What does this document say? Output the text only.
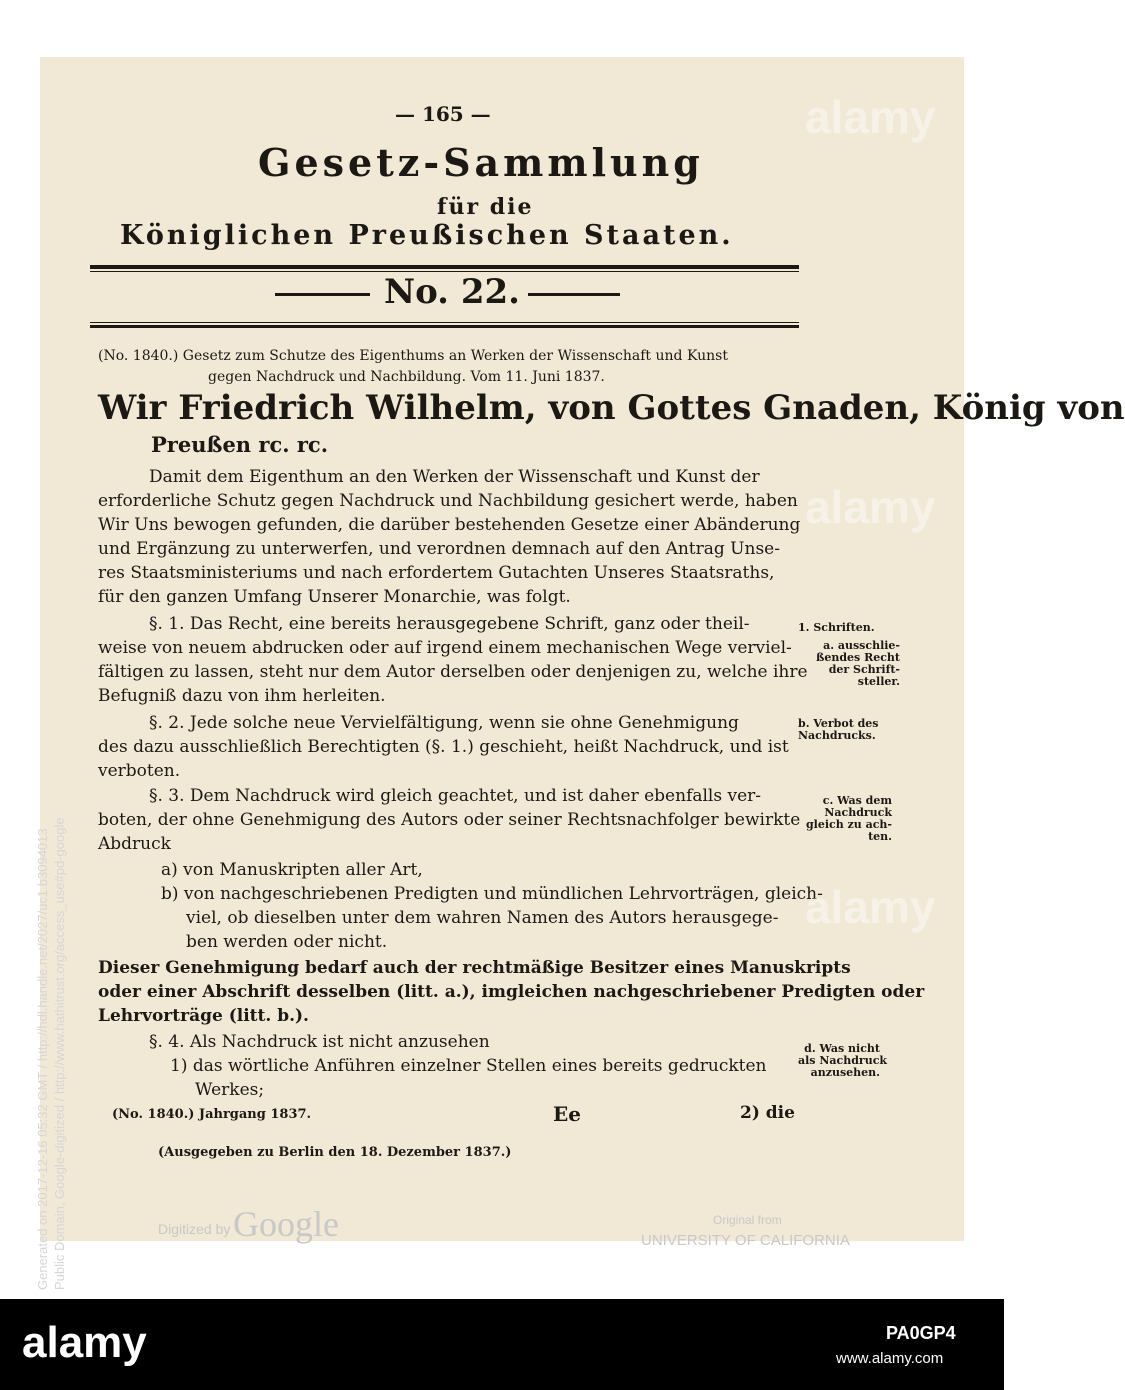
— 165 —
Gesetz-Sammlung
für die
Königlichen Preußischen Staaten.
No. 22.
(No. 1840.) Gesetz zum Schutze des Eigenthums an Werken der Wissenschaft und Kunst
gegen Nachdruck und Nachbildung. Vom 11. Juni 1837.
Wir Friedrich Wilhelm, von Gottes Gnaden, König von
Preußen rc. rc.
Damit dem Eigenthum an den Werken der Wissenschaft und Kunst der
erforderliche Schutz gegen Nachdruck und Nachbildung gesichert werde, haben
Wir Uns bewogen gefunden, die darüber bestehenden Gesetze einer Abänderung
und Ergänzung zu unterwerfen, und verordnen demnach auf den Antrag Unse-
res Staatsministeriums und nach erfordertem Gutachten Unseres Staatsraths,
für den ganzen Umfang Unserer Monarchie, was folgt.
§. 1. Das Recht, eine bereits herausgegebene Schrift, ganz oder theil-
weise von neuem abdrucken oder auf irgend einem mechanischen Wege verviel-
fältigen zu lassen, steht nur dem Autor derselben oder denjenigen zu, welche ihre
Befugniß dazu von ihm herleiten.
§. 2. Jede solche neue Vervielfältigung, wenn sie ohne Genehmigung
des dazu ausschließlich Berechtigten (§. 1.) geschieht, heißt Nachdruck, und ist
verboten.
§. 3. Dem Nachdruck wird gleich geachtet, und ist daher ebenfalls ver-
boten, der ohne Genehmigung des Autors oder seiner Rechtsnachfolger bewirkte
Abdruck
a) von Manuskripten aller Art,
b) von nachgeschriebenen Predigten und mündlichen Lehrvorträgen, gleich-
viel, ob dieselben unter dem wahren Namen des Autors herausgege-
ben werden oder nicht.
Dieser Genehmigung bedarf auch der rechtmäßige Besitzer eines Manuskripts
oder einer Abschrift desselben (litt. a.), imgleichen nachgeschriebener Predigten oder
Lehrvorträge (litt. b.).
§. 4. Als Nachdruck ist nicht anzusehen
1) das wörtliche Anführen einzelner Stellen eines bereits gedruckten
Werkes;
1. Schriften.
a. ausschlie-
ßendes Recht
der Schrift-
steller.
b. Verbot des
Nachdrucks.
c. Was dem
Nachdruck
gleich zu ach-
ten.
d. Was nicht
als Nachdruck
anzusehen.
(No. 1840.) Jahrgang 1837.	Ee	2) die
(Ausgegeben zu Berlin den 18. Dezember 1837.)
Digitized by Google	Original from
UNIVERSITY OF CALIFORNIA
Generated on 2017-12-16 05:32 GMT / http://hdl.handle.net/2027/uc1.b3094013 Public Domain, Google-digitized / http://www.hathitrust.org/access_use#pd-google
alamy
alamy
alamy
alamy	PA0GP4
www.alamy.com
